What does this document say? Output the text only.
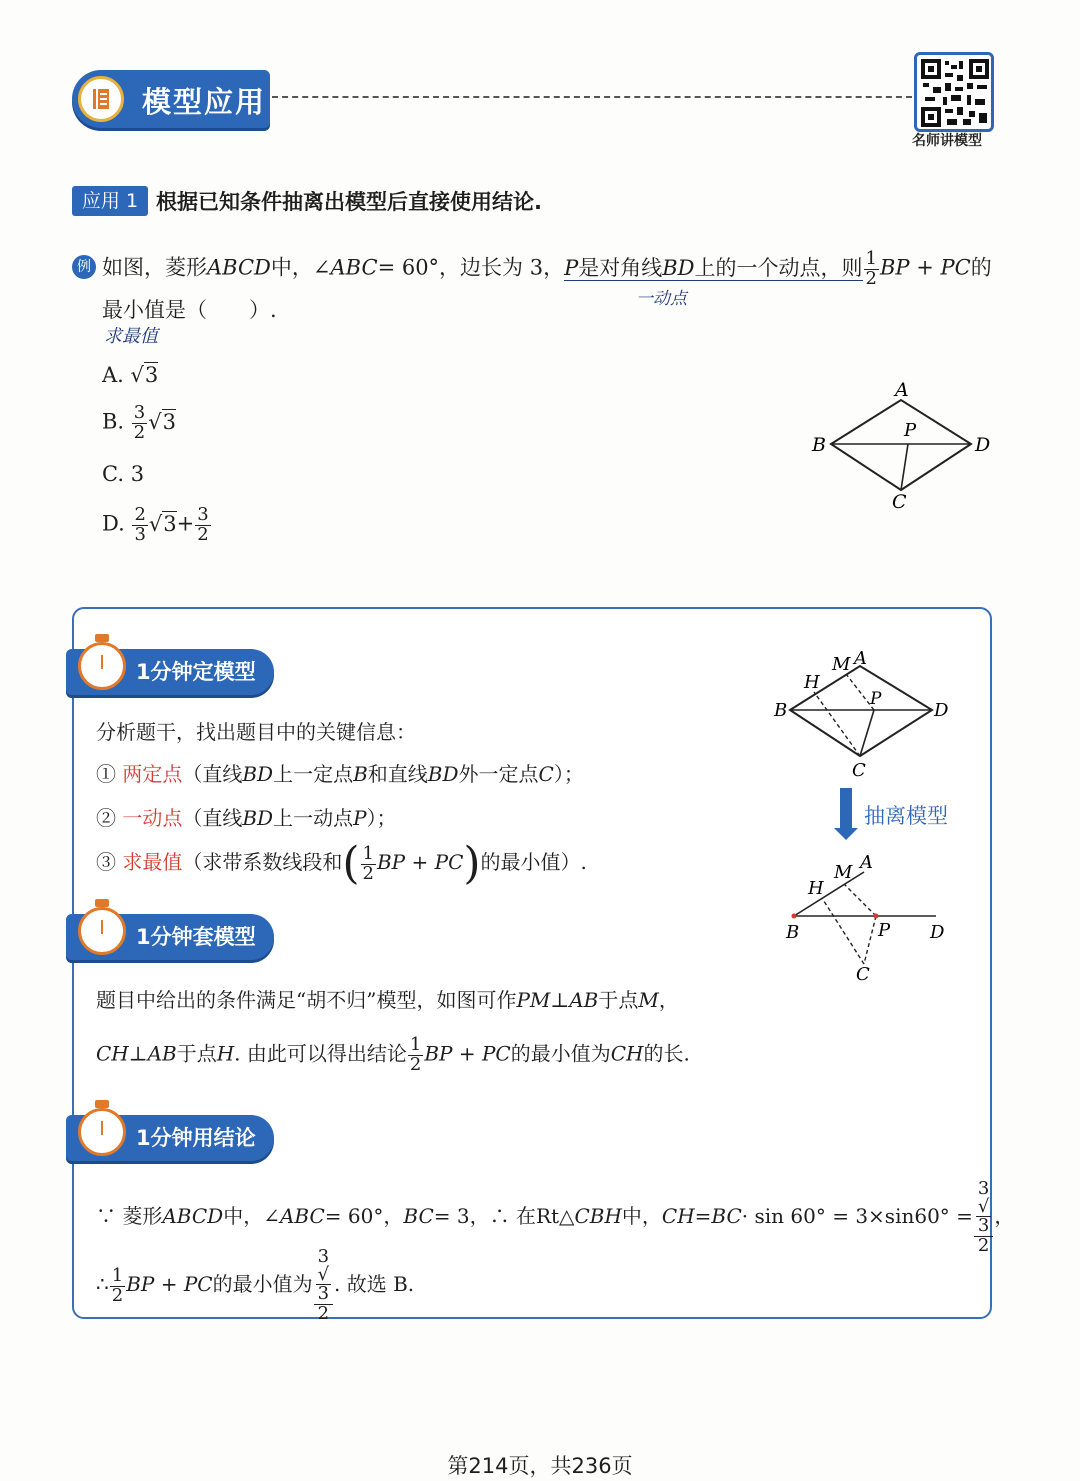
模型应用
名师讲模型
应用 1 根据已知条件抽离出模型后直接使用结论.
例 如图，菱形ABCD中，∠ABC= 60°，边长为 3，P是对角线BD上的一个动点，则 $\frac{1}{2}$ BP + PC的
一动点
最小值是（　　）.
求最值
A. √3
B. $\frac{3}{2} √3$
C. 3
D. $\frac{2}{3} √3+ \frac{3}{2}$
A
B	D
C
P
1分钟定模型
分析题干，找出题目中的关键信息：
① 两定点（直线BD上一定点B和直线BD外一定点C）；
② 一动点（直线BD上一动点P）；
③ 求最值（求带系数线段和( $\frac{1}{2}$ BP + PC)的最小值）.
A
M
H
B	D
C
P
抽离模型
A
M
H
B	P D
C
1分钟套模型
题目中给出的条件满足“胡不归”模型，如图可作PM⊥AB于点M，
CH⊥AB于点H. 由此可以得出结论 $\frac{1}{2}$ BP + PC的最小值为CH的长.
1分钟用结论
∵ 菱形ABCD中，∠ABC= 60°，BC= 3，∴ 在Rt△CBH中，CH=BC· sin 60° = 3×sin60° = 3
√
3
2 ，
∴ $\frac{1}{2}$ BP + PC的最小值为 3
√
3
2 . 故选 B.
第214页，共236页
